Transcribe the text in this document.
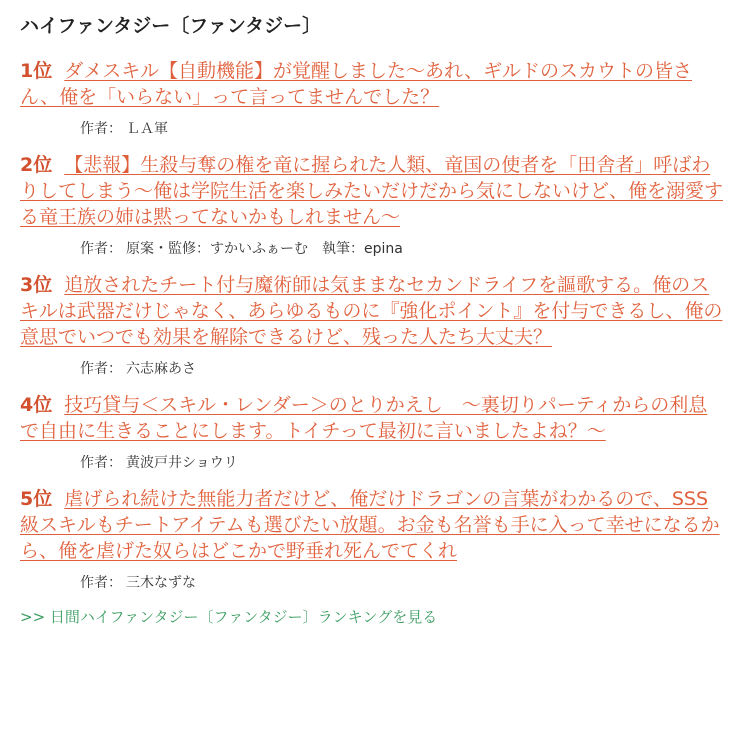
ハイファンタジー〔ファンタジー〕
1位 ダメスキル【自動機能】が覚醒しました〜あれ、ギルドのスカウトの皆さん、俺を「いらない」って言ってませんでした？
作者： ＬＡ軍
2位 【悲報】生殺与奪の権を竜に握られた人類、竜国の使者を「田舎者」呼ばわりしてしまう〜俺は学院生活を楽しみたいだけだから気にしないけど、俺を溺愛する竜王族の姉は黙ってないかもしれません〜
作者： 原案・監修：すかいふぁーむ　執筆：epina
3位 追放されたチート付与魔術師は気ままなセカンドライフを謳歌する。俺のスキルは武器だけじゃなく、あらゆるものに『強化ポイント』を付与できるし、俺の意思でいつでも効果を解除できるけど、残った人たち大丈夫？
作者： 六志麻あさ
4位 技巧貸与＜スキル・レンダー＞のとりかえし　〜裏切りパーティからの利息で自由に生きることにします。トイチって最初に言いましたよね？〜
作者： 黄波戸井ショウリ
5位 虐げられ続けた無能力者だけど、俺だけドラゴンの言葉がわかるので、SSS級スキルもチートアイテムも選びたい放題。お金も名誉も手に入って幸せになるから、俺を虐げた奴らはどこかで野垂れ死んでてくれ
作者： 三木なずな
>> 日間ハイファンタジー〔ファンタジー〕ランキングを見る
